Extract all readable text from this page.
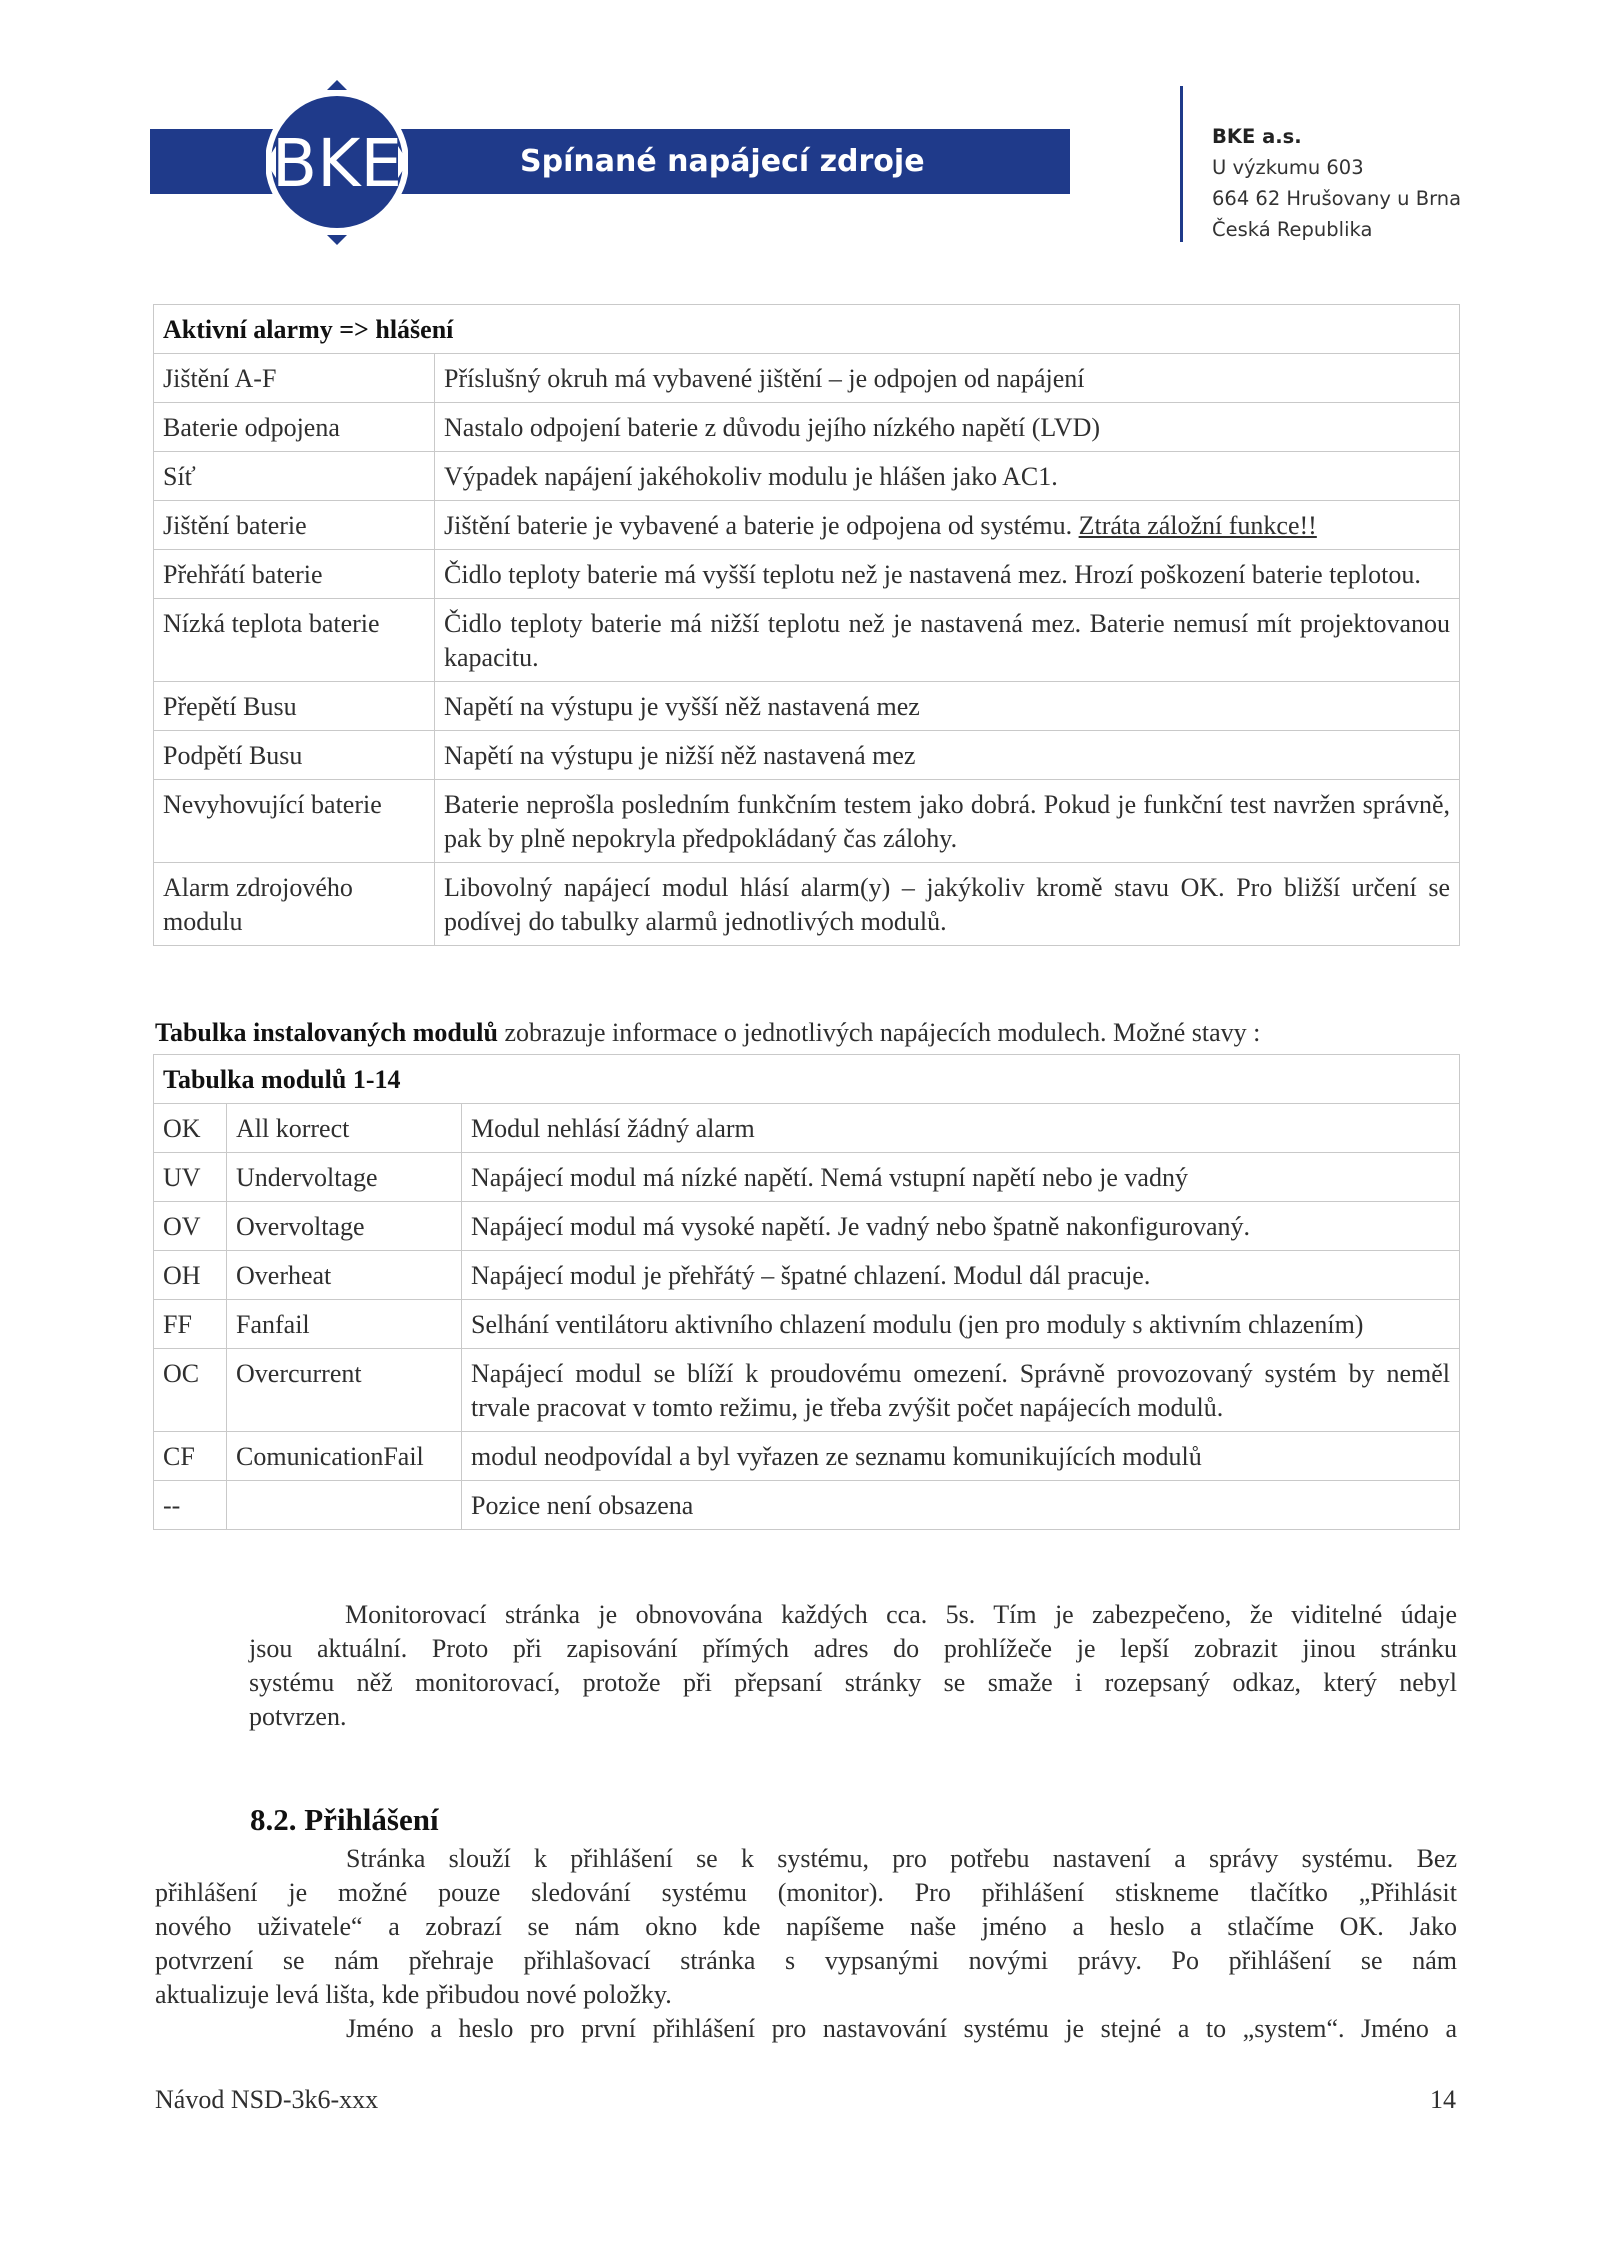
Spínané napájecí zdroje
BKE	BKE a.s.
U výzkumu 603
664 62 Hrušovany u Brna
Česká Republika
Aktivní alarmy => hlášení	
Jištění A-F	Příslušný okruh má vybavené jištění – je odpojen od napájení
Baterie odpojena	Nastalo odpojení baterie z důvodu jejího nízkého napětí (LVD)
Síť	Výpadek napájení jakéhokoliv modulu je hlášen jako AC1.
Jištění baterie	Jištění baterie je vybavené a baterie je odpojena od systému. Ztráta záložní funkce!!
Přehřátí baterie	Čidlo teploty baterie má vyšší teplotu než je nastavená mez. Hrozí poškození baterie teplotou.
Nízká teplota baterie	Čidlo teploty baterie má nižší teplotu než je nastavená mez. Baterie nemusí mít projektovanou kapacitu.
Přepětí Busu	Napětí na výstupu je vyšší něž nastavená mez
Podpětí Busu	Napětí na výstupu je nižší něž nastavená mez
Nevyhovující baterie	Baterie neprošla posledním funkčním testem jako dobrá. Pokud je funkční test navržen správně, pak by plně nepokryla předpokládaný čas zálohy.
Alarm zdrojového modulu	Libovolný napájecí modul hlásí alarm(y) – jakýkoliv kromě stavu OK. Pro bližší určení se podívej do tabulky alarmů jednotlivých modulů.
Tabulka instalovaných modulů zobrazuje informace o jednotlivých napájecích modulech. Možné stavy :
Tabulka modulů 1-14		
OK	All korrect	Modul nehlásí žádný alarm
UV	Undervoltage	Napájecí modul má nízké napětí. Nemá vstupní napětí nebo je vadný
OV	Overvoltage	Napájecí modul má vysoké napětí. Je vadný nebo špatně nakonfigurovaný.
OH	Overheat	Napájecí modul je přehřátý – špatné chlazení. Modul dál pracuje.
FF	Fanfail	Selhání ventilátoru aktivního chlazení modulu (jen pro moduly s aktivním chlazením)
OC	Overcurrent	Napájecí modul se blíží k proudovému omezení. Správně provozovaný systém by neměl trvale pracovat v tomto režimu, je třeba zvýšit počet napájecích modulů.
CF	ComunicationFail	modul neodpovídal a byl vyřazen ze seznamu komunikujících modulů
--		Pozice není obsazena
Monitorovací stránka je obnovována každých cca. 5s. Tím je zabezpečeno, že viditelné údaje
jsou aktuální. Proto při zapisování přímých adres do prohlížeče je lepší zobrazit jinou stránku
systému něž monitorovací, protože při přepsaní stránky se smaže i rozepsaný odkaz, který nebyl
potvrzen.
8.2. Přihlášení
Stránka slouží k přihlášení se k systému, pro potřebu nastavení a správy systému. Bez
přihlášení je možné pouze sledování systému (monitor). Pro přihlášení stiskneme tlačítko „Přihlásit
nového uživatele“ a zobrazí se nám okno kde napíšeme naše jméno a heslo a stlačíme OK. Jako
potvrzení se nám přehraje přihlašovací stránka s vypsanými novými právy. Po přihlášení se nám
aktualizuje levá lišta, kde přibudou nové položky.
Jméno a heslo pro první přihlášení pro nastavování systému je stejné a to „system“. Jméno a
Návod NSD-3k6-xxx	14
